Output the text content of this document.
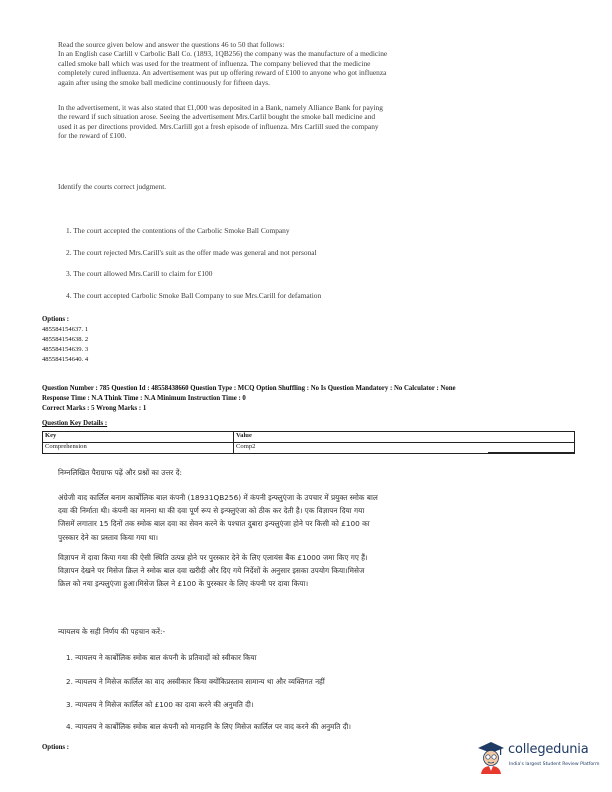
Read the source given below and answer the questions 46 to 50 that follows:

In an English case Carlill v Carbolic Ball Co. (1893, 1QB256) the company was the manufacture of a medicine

called smoke ball which was used for the treatment of influenza. The company believed that the medicine

completely cured influenza. An advertisement was put up offering reward of £100 to anyone who got influenza

again after using the smoke ball medicine continuously for fifteen days.

In the advertisement, it was also stated that £1,000 was deposited in a Bank, namely Alliance Bank for paying

the reward if such situation arose. Seeing the advertisement Mrs.Carlil bought the smoke ball medicine and

used it as per directions provided. Mrs.Carlill got a fresh episode of influenza. Mrs Carlill sued the company

for the reward of £100.

Identify the courts correct judgment.
1. The court accepted the contentions of the Carbolic Smoke Ball Company
2. The court rejected Mrs.Carill's suit as the offer made was general and not personal
3. The court allowed Mrs.Carill to claim for £100
4. The court accepted Carbolic Smoke Ball Company to sue Mrs.Carill for defamation
Options :
485584154637. 1
485584154638. 2
485584154639. 3
485584154640. 4
Question Number : 785 Question Id : 48558438660 Question Type : MCQ Option Shuffling : No Is Question Mandatory : No Calculator : None
Response Time : N.A Think Time : N.A Minimum Instruction Time : 0
Correct Marks : 5 Wrong Marks : 1
Question Key Details :
Key	Value
Comprehension	Comp2

निम्नलिखित पैराग्राफ पढ़ें और प्रश्नों का उत्तर दें:

अंग्रेजी वाद कार्लिल बनाम कार्बोलिक बाल कंपनी (18931QB256) में कंपनी इन्फ्लुएंजा के उपचार में प्रयुक्त स्मोक बाल

दवा की निर्माता थी। कंपनी का मानना था की दवा पूर्ण रूप से इन्फ्लुएंजा को ठीक कर देती है। एक विज्ञापन दिया गया

जिसमें लगातार 15 दिनों तक स्मोक बाल दवा का सेवन करने के पश्चात दुबारा इन्फ्लुएंजा होने पर किसी को £100 का

पुरस्कार देने का प्रस्ताव किया गया था।

विज्ञापन में दावा किया गया की ऐसी स्थिति उत्पन्न होने पर पुरस्कार देने के लिए एलायंस बैंक £1000 जमा किए गए हैं।

विज्ञापन देखने पर मिसेज क्रिल ने स्मोक बाल दवा खरीदी और दिए गये निर्देशों के अनुसार इसका उपयोग किया।मिसेज

क्रिल को नया इन्फ्लुएंजा हुआ।मिसेज क्रिल ने £100 के पुरस्कार के लिए कंपनी पर दावा किया।

न्यायलय के सही निर्णय की पहचान करें:-

1. न्यायलय ने कार्बोलिक स्मोक बाल कंपनी के प्रतिवादों को स्वीकार किया
2. न्यायलय ने मिसेज कार्लिल का वाद अस्वीकार किया क्योंकिप्रस्ताव सामान्य था और व्यक्तिगत नहीं
3. न्यायलय ने मिसेज कार्लिल को £100 का दावा करने की अनुमति दी।
4. न्यायलय ने कार्बोलिक स्मोक बाल कंपनी को मानहानि के लिए मिसेज कार्लिल पर वाद करने की अनुमति दी।
Options :	collegedunia
India's largest Student Review Platform
